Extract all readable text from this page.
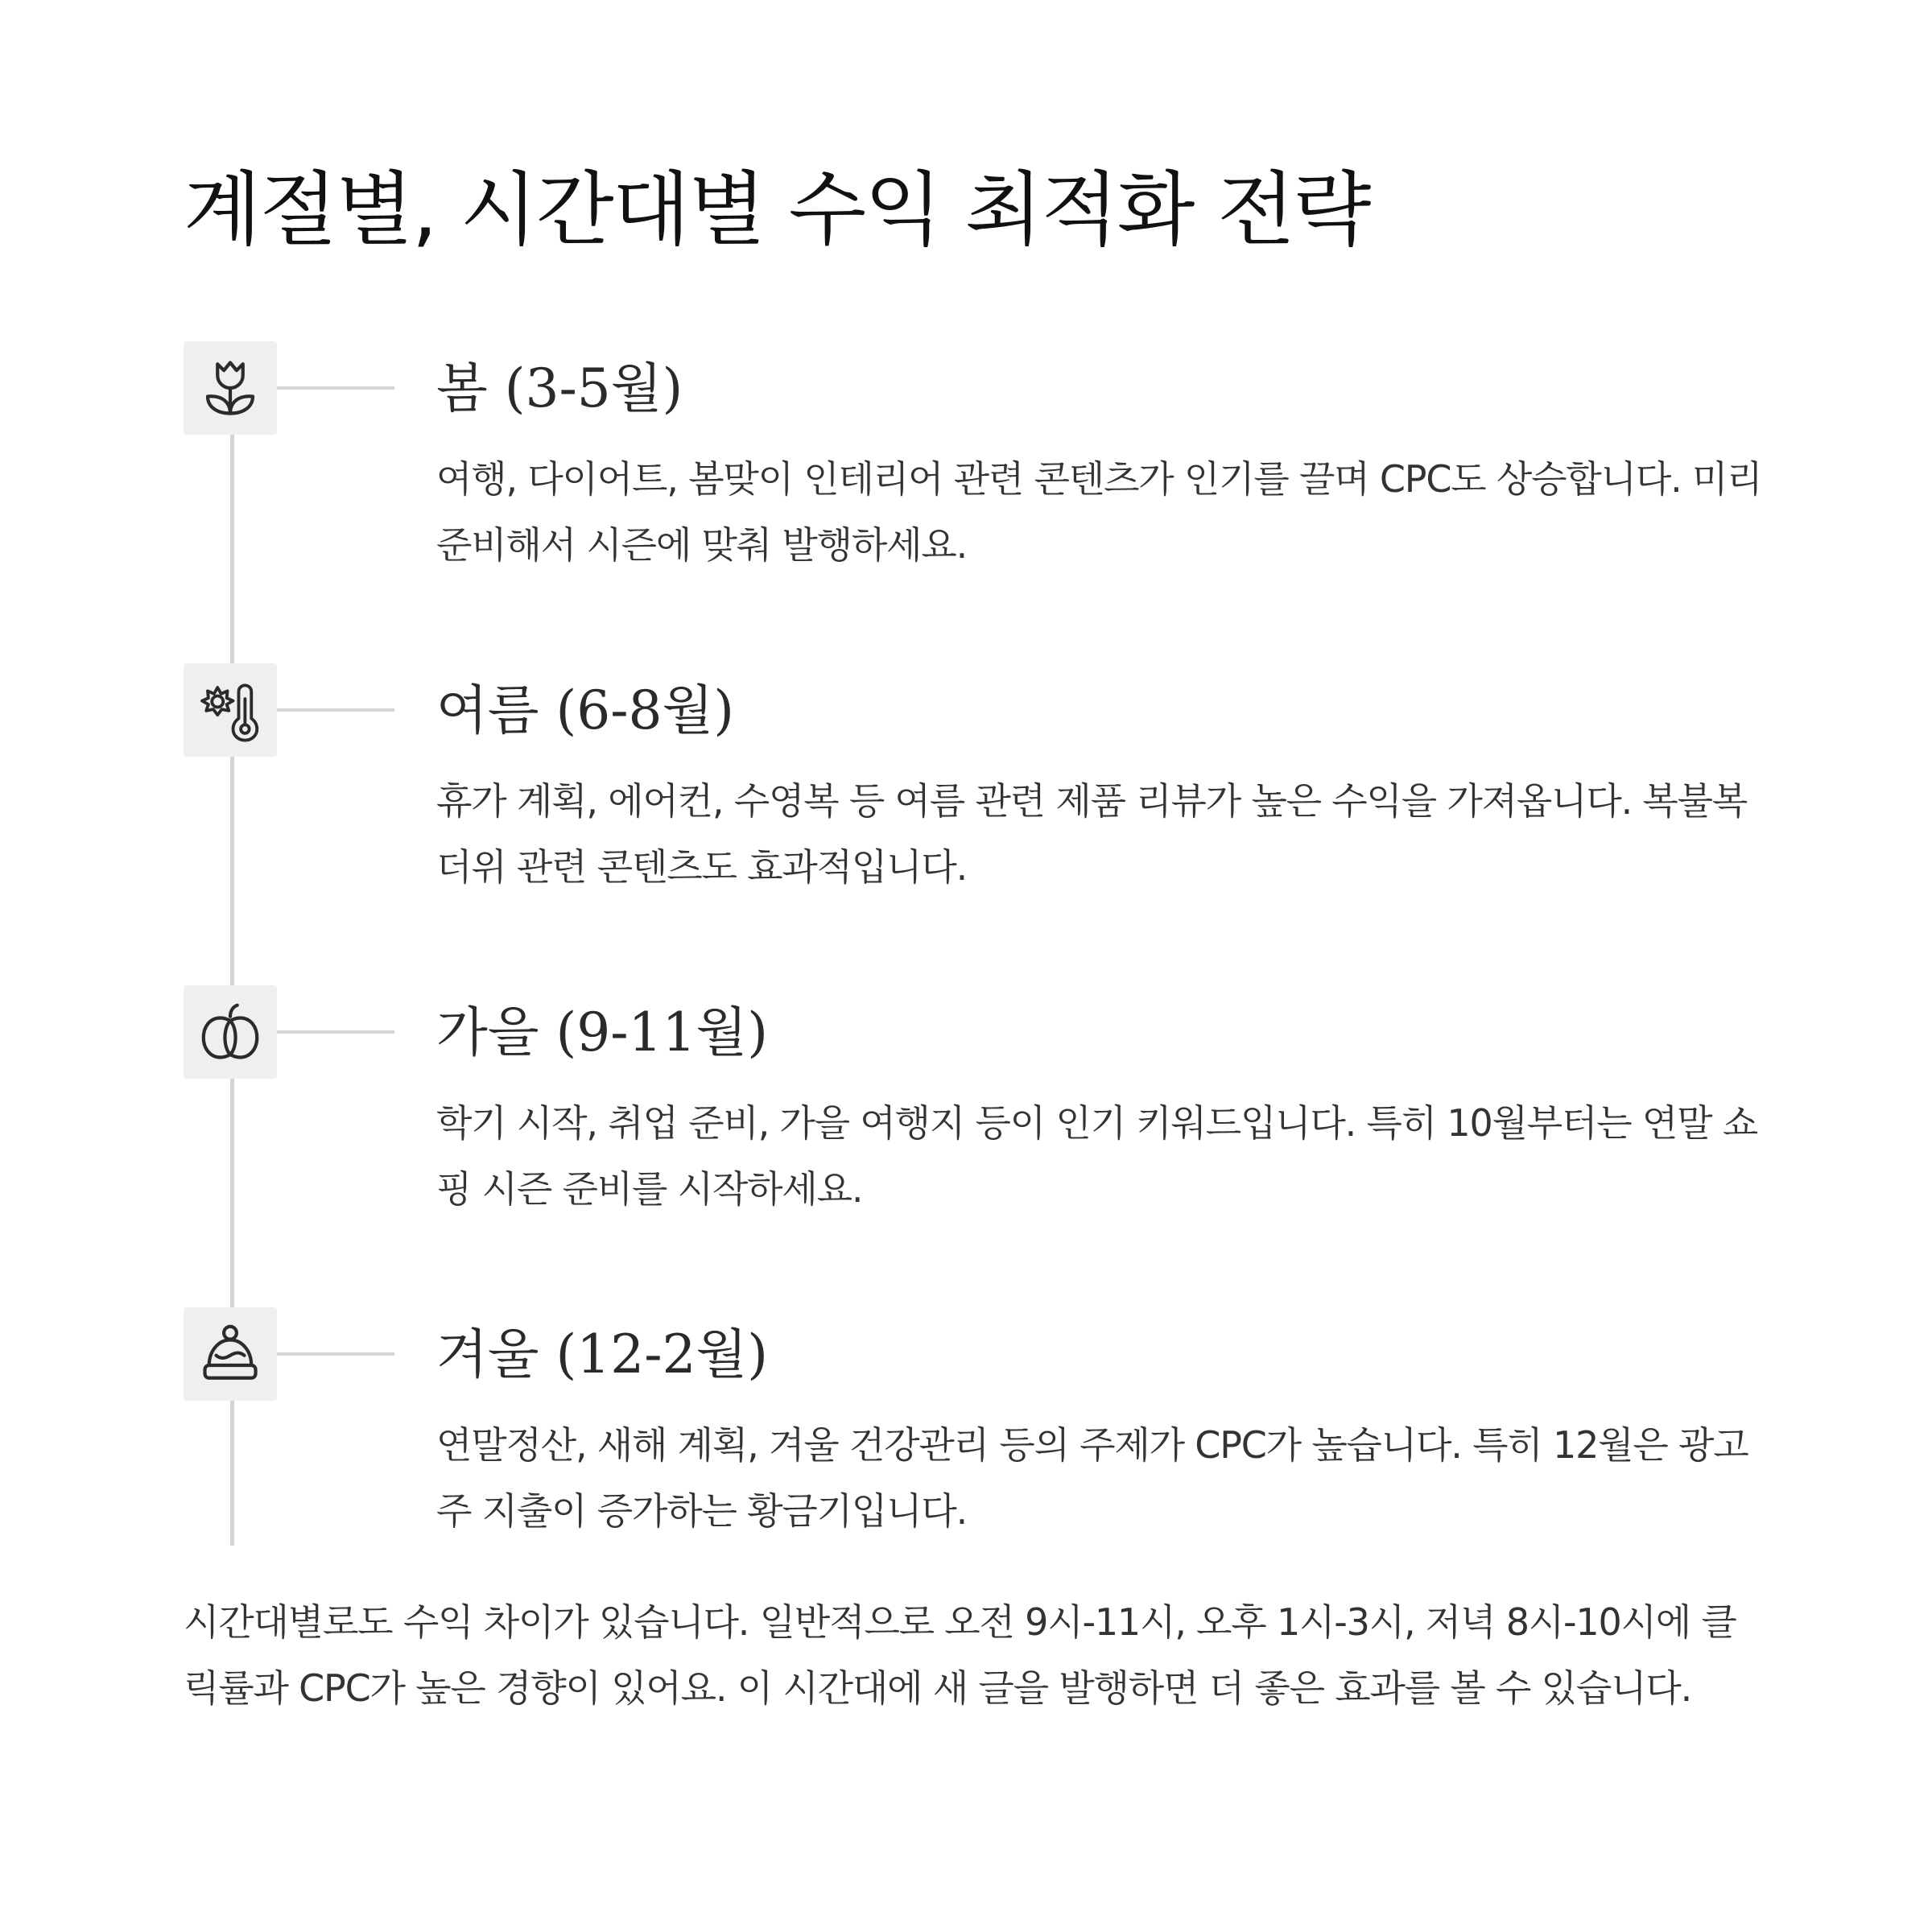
계절별, 시간대별 수익 최적화 전략
봄 (3-5월)

여행, 다이어트, 봄맞이 인테리어 관련 콘텐츠가 인기를 끌며 CPC도 상승합니다. 미리 준비해서 시즌에 맞춰 발행하세요.

여름 (6-8월)

휴가 계획, 에어컨, 수영복 등 여름 관련 제품 리뷰가 높은 수익을 가져옵니다. 복불복 더위 관련 콘텐츠도 효과적입니다.

가을 (9-11월)

학기 시작, 취업 준비, 가을 여행지 등이 인기 키워드입니다. 특히 10월부터는 연말 쇼핑 시즌 준비를 시작하세요.

겨울 (12-2월)

연말정산, 새해 계획, 겨울 건강관리 등의 주제가 CPC가 높습니다. 특히 12월은 광고주 지출이 증가하는 황금기입니다.

시간대별로도 수익 차이가 있습니다. 일반적으로 오전 9시-11시, 오후 1시-3시, 저녁 8시-10시에 클릭률과 CPC가 높은 경향이 있어요. 이 시간대에 새 글을 발행하면 더 좋은 효과를 볼 수 있습니다.
